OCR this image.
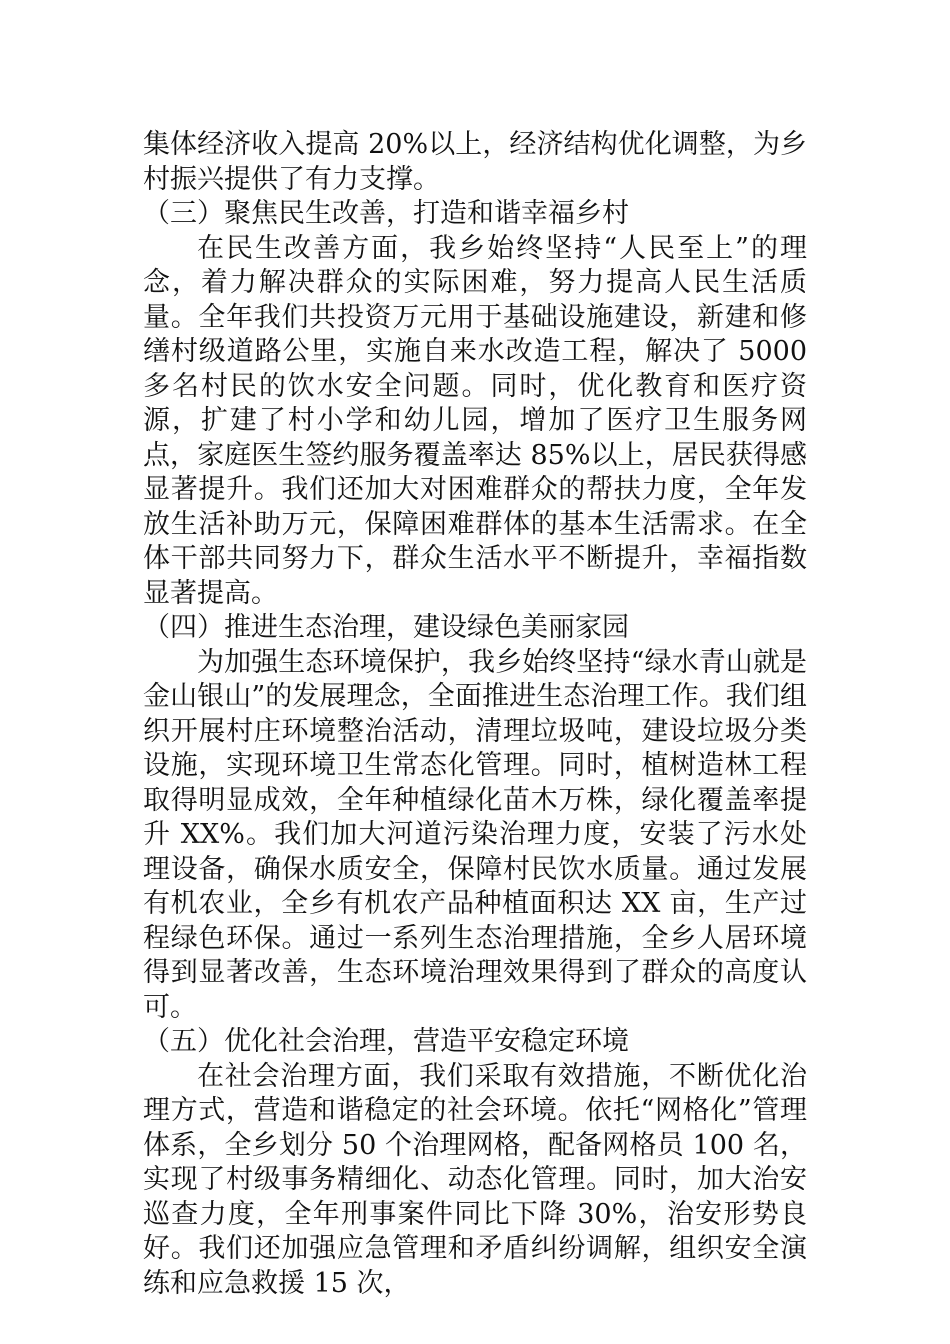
集体经济收入提高 20%以上，经济结构优化调整，为乡村振兴提供了有力支撑。

（三）聚焦民生改善，打造和谐幸福乡村

在民生改善方面，我乡始终坚持“人民至上”的理念，着力解决群众的实际困难，努力提高人民生活质量。全年我们共投资万元用于基础设施建设，新建和修缮村级道路公里，实施自来水改造工程，解决了 5000 多名村民的饮水安全问题。同时，优化教育和医疗资源，扩建了村小学和幼儿园，增加了医疗卫生服务网点，家庭医生签约服务覆盖率达 85%以上，居民获得感显著提升。我们还加大对困难群众的帮扶力度，全年发放生活补助万元，保障困难群体的基本生活需求。在全体干部共同努力下，群众生活水平不断提升，幸福指数显著提高。

（四）推进生态治理，建设绿色美丽家园

为加强生态环境保护，我乡始终坚持“绿水青山就是金山银山”的发展理念，全面推进生态治理工作。我们组织开展村庄环境整治活动，清理垃圾吨，建设垃圾分类设施，实现环境卫生常态化管理。同时，植树造林工程取得明显成效，全年种植绿化苗木万株，绿化覆盖率提升 XX%。我们加大河道污染治理力度，安装了污水处理设备，确保水质安全，保障村民饮水质量。通过发展有机农业，全乡有机农产品种植面积达 XX 亩，生产过程绿色环保。通过一系列生态治理措施，全乡人居环境得到显著改善，生态环境治理效果得到了群众的高度认可。

（五）优化社会治理，营造平安稳定环境

在社会治理方面，我们采取有效措施，不断优化治理方式，营造和谐稳定的社会环境。依托“网格化”管理体系，全乡划分 50 个治理网格，配备网格员 100 名，实现了村级事务精细化、动态化管理。同时，加大治安巡查力度，全年刑事案件同比下降 30%，治安形势良好。我们还加强应急管理和矛盾纠纷调解，组织安全演练和应急救援 15 次，
